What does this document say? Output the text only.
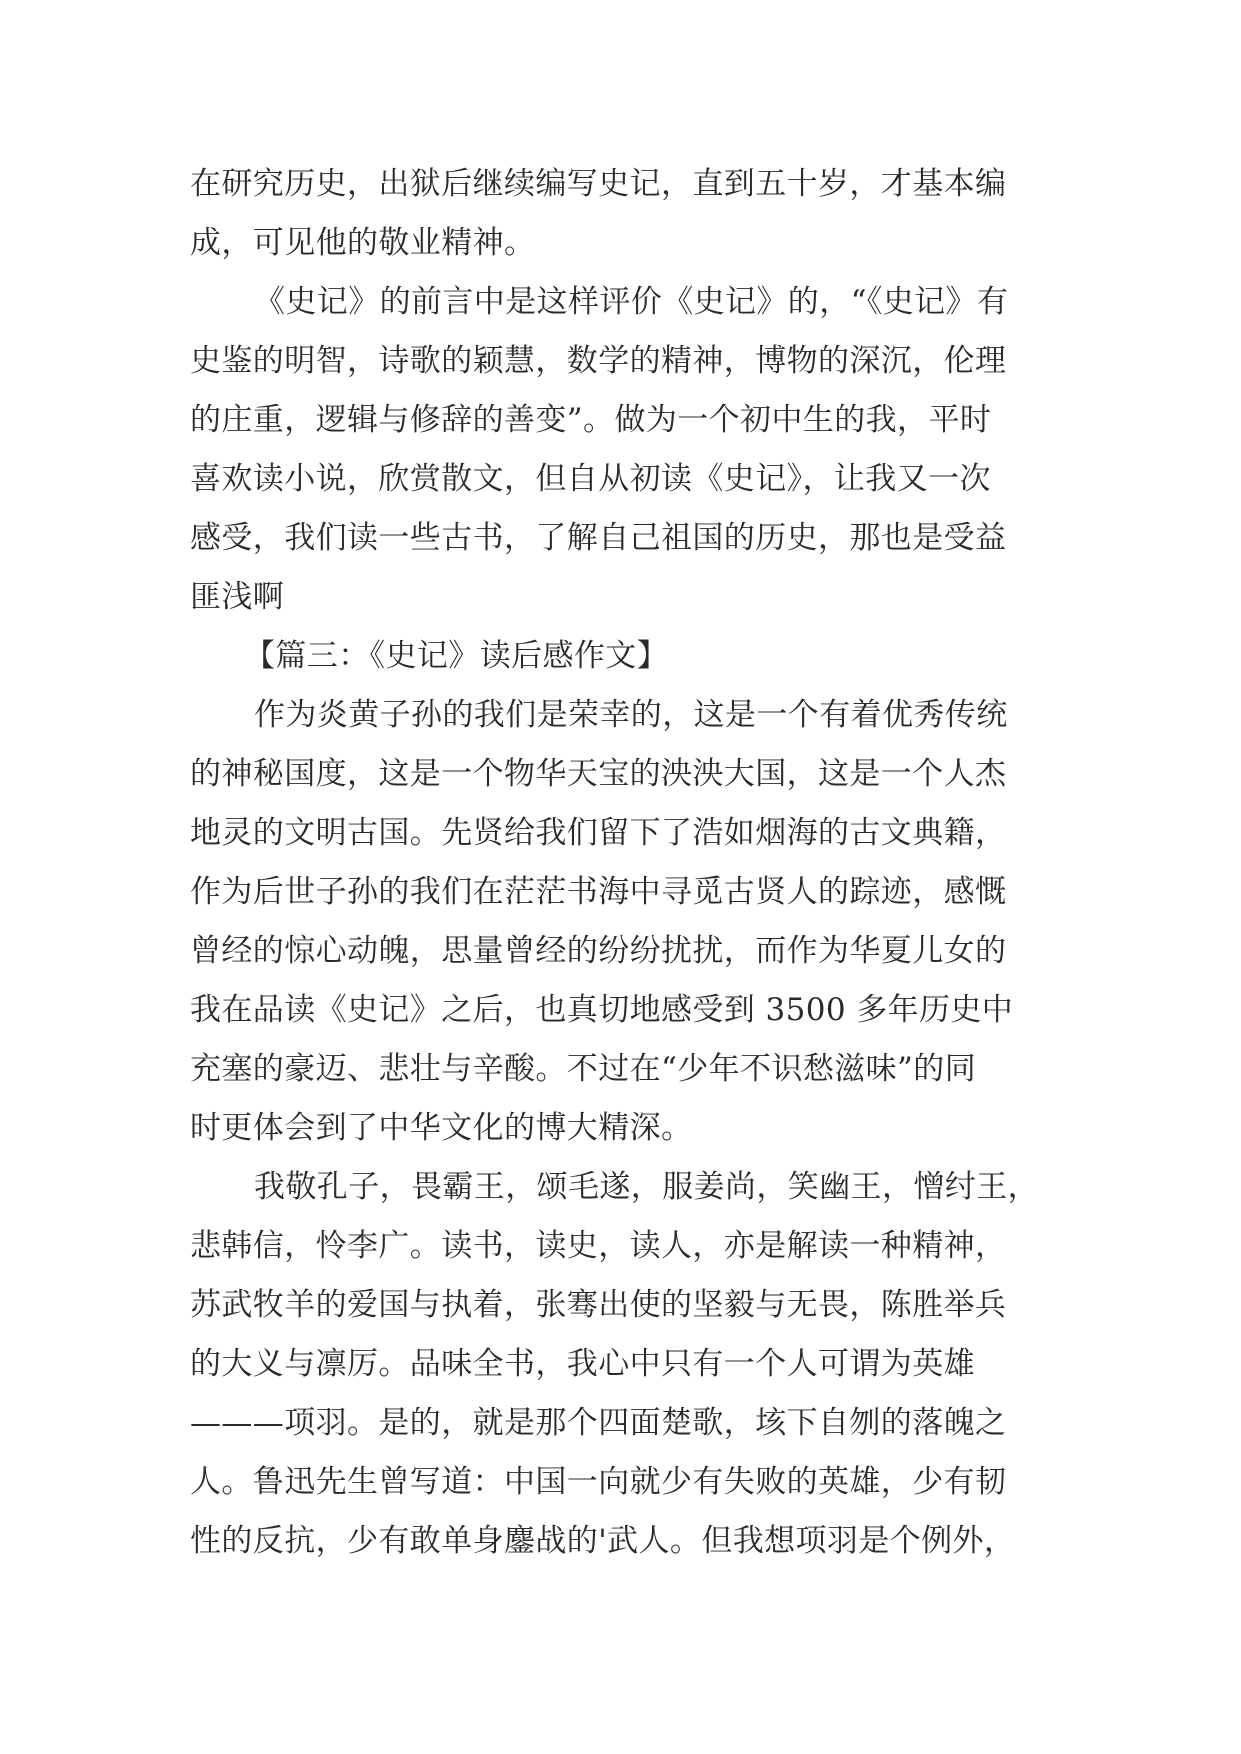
在研究历史，出狱后继续编写史记，直到五十岁，才基本编
成，可见他的敬业精神。
《史记》的前言中是这样评价《史记》的，“《史记》有
史鉴的明智，诗歌的颖慧，数学的精神，博物的深沉，伦理
的庄重，逻辑与修辞的善变”。做为一个初中生的我，平时
喜欢读小说，欣赏散文，但自从初读《史记》，让我又一次
感受，我们读一些古书，了解自己祖国的历史，那也是受益
匪浅啊
【篇三：《史记》读后感作文】
作为炎黄子孙的我们是荣幸的，这是一个有着优秀传统
的神秘国度，这是一个物华天宝的泱泱大国，这是一个人杰
地灵的文明古国。先贤给我们留下了浩如烟海的古文典籍，
作为后世子孙的我们在茫茫书海中寻觅古贤人的踪迹，感慨
曾经的惊心动魄，思量曾经的纷纷扰扰，而作为华夏儿女的
我在品读《史记》之后，也真切地感受到 3500 多年历史中
充塞的豪迈、悲壮与辛酸。不过在“少年不识愁滋味”的同
时更体会到了中华文化的博大精深。
我敬孔子，畏霸王，颂毛遂，服姜尚，笑幽王，憎纣王，
悲韩信，怜李广。读书，读史，读人，亦是解读一种精神，
苏武牧羊的爱国与执着，张骞出使的坚毅与无畏，陈胜举兵
的大义与凛厉。品味全书，我心中只有一个人可谓为英雄
———项羽。是的，就是那个四面楚歌，垓下自刎的落魄之
人。鲁迅先生曾写道：中国一向就少有失败的英雄，少有韧
性的反抗，少有敢单身鏖战的'武人。但我想项羽是个例外，
